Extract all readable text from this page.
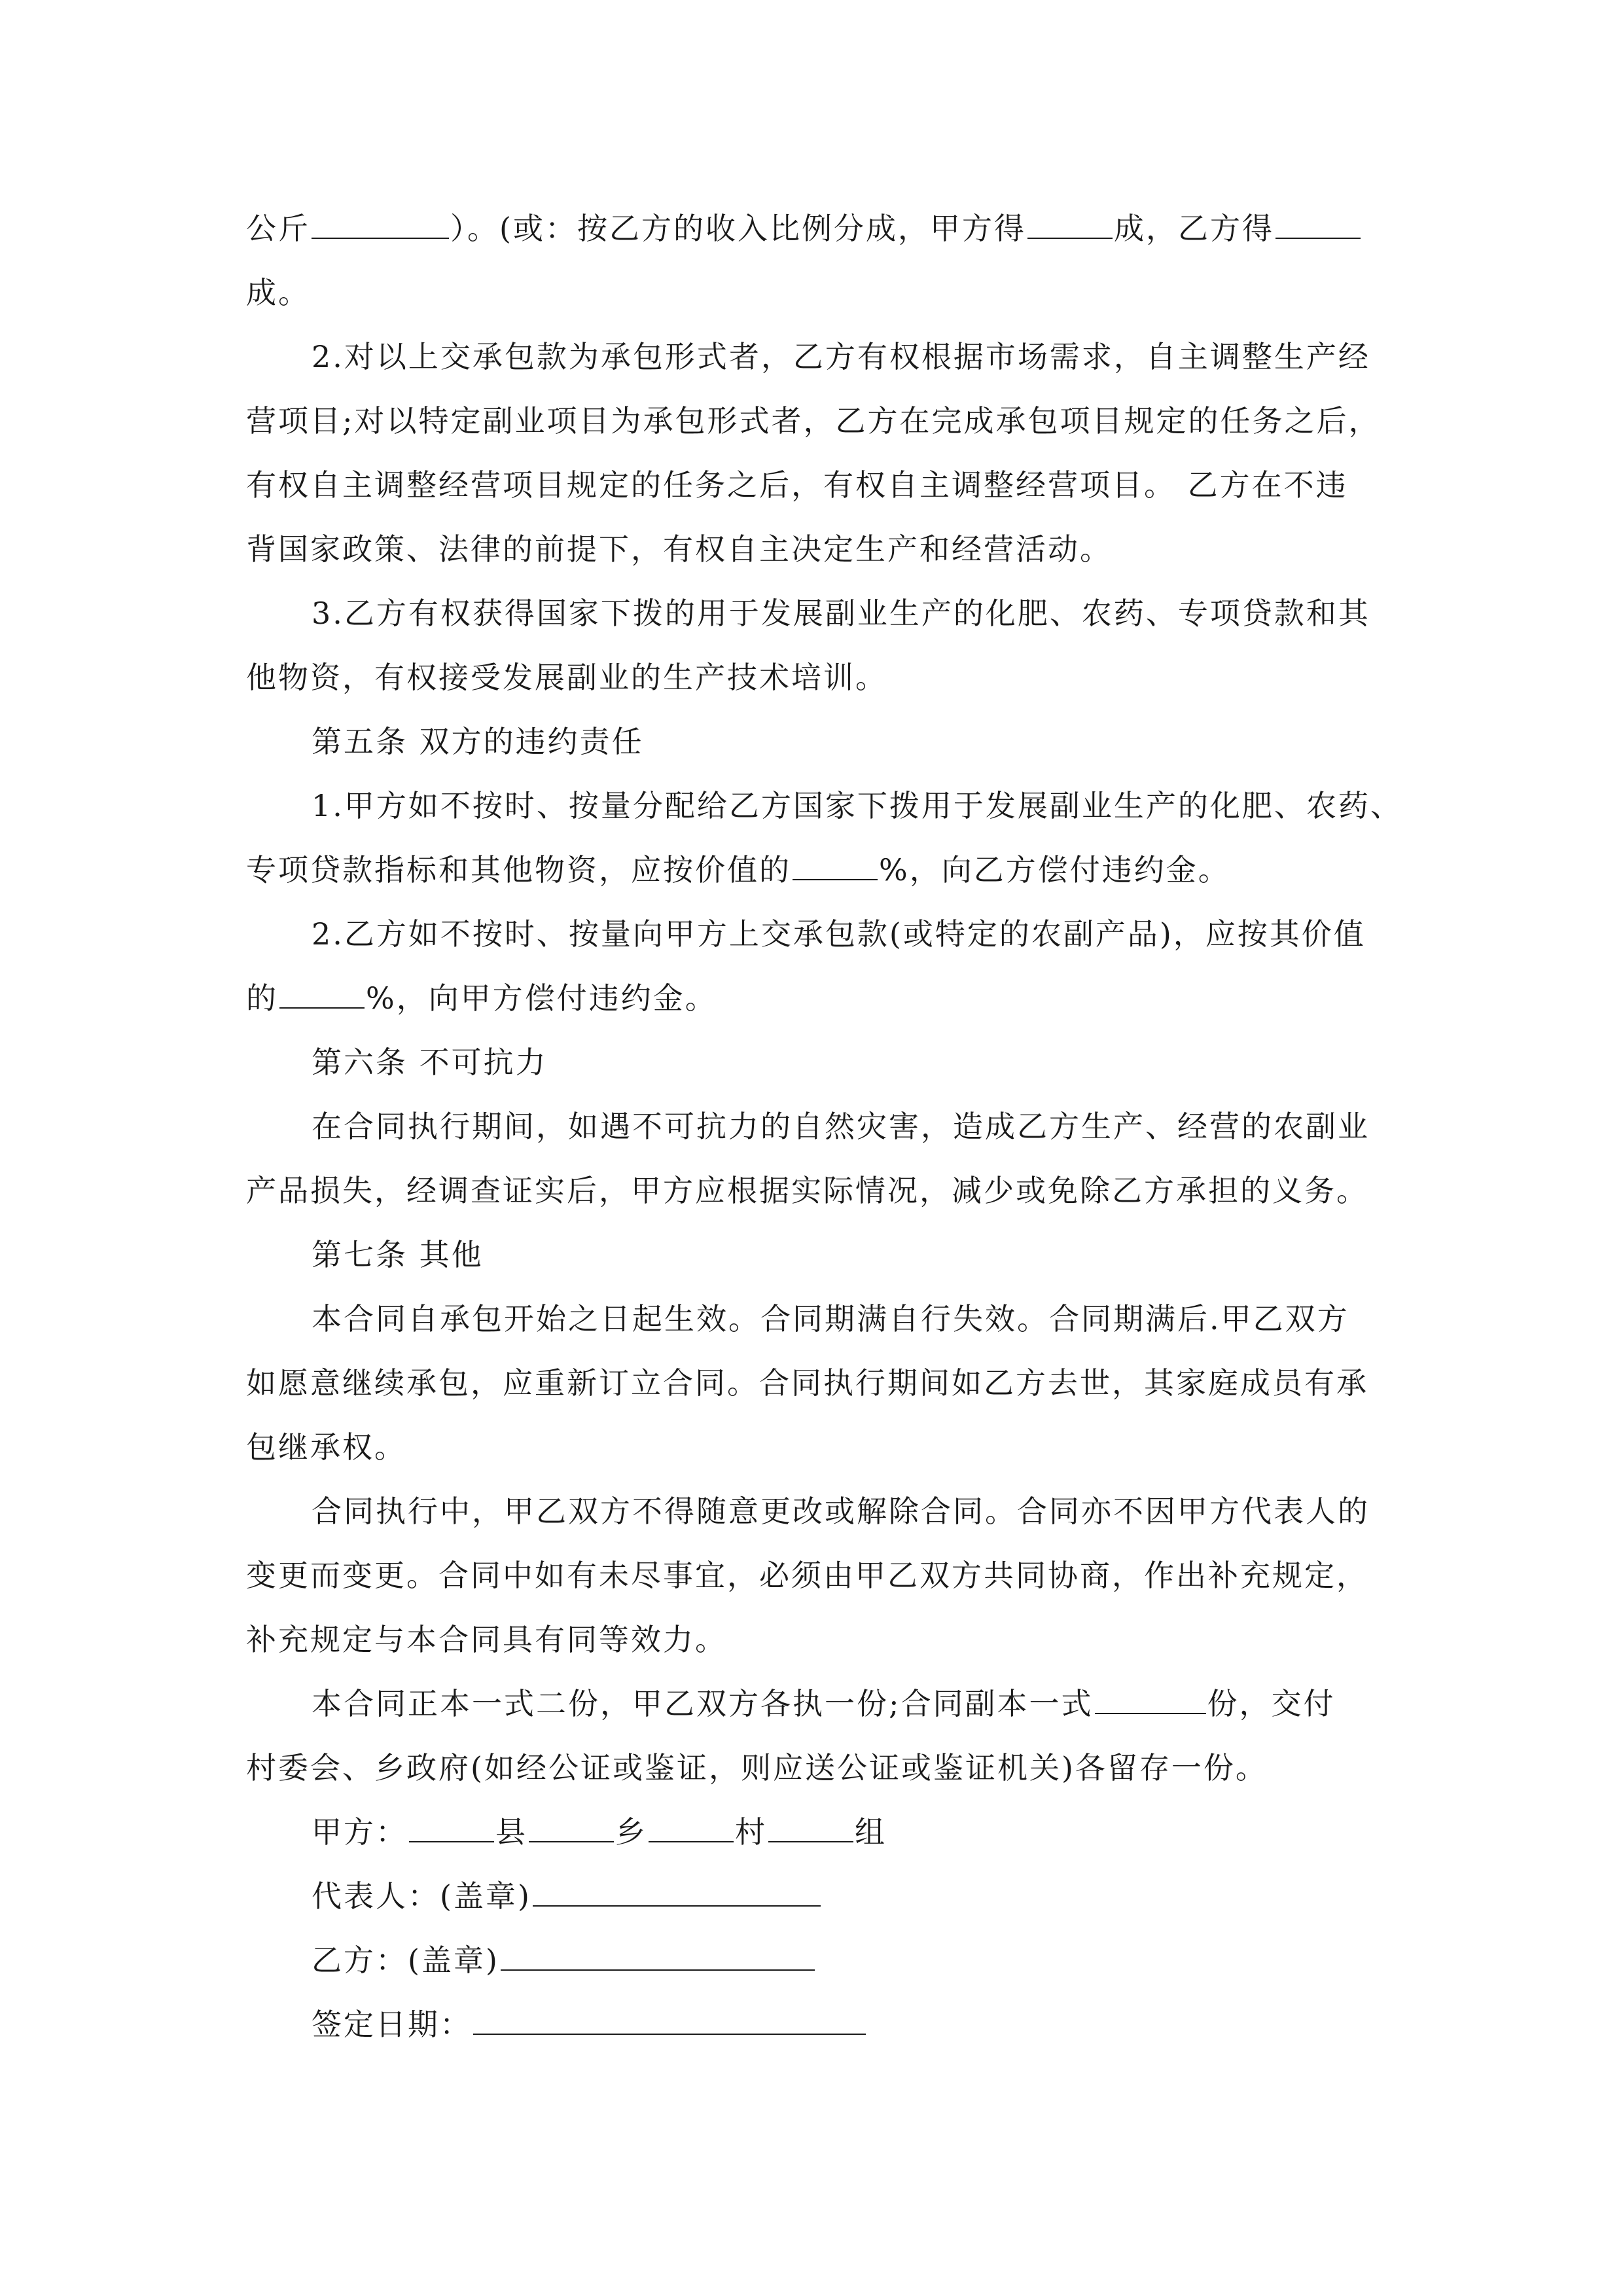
公斤	）。(或：按乙方的收入比例分成，甲方得	成，乙方得
成。
2.对以上交承包款为承包形式者，乙方有权根据市场需求，自主调整生产经
营项目;对以特定副业项目为承包形式者，乙方在完成承包项目规定的任务之后，
有权自主调整经营项目规定的任务之后，有权自主调整经营项目。 乙方在不违
背国家政策、法律的前提下，有权自主决定生产和经营活动。
3.乙方有权获得国家下拨的用于发展副业生产的化肥、农药、专项贷款和其
他物资，有权接受发展副业的生产技术培训。
第五条 双方的违约责任
1.甲方如不按时、按量分配给乙方国家下拨用于发展副业生产的化肥、农药、
专项贷款指标和其他物资，应按价值的	%，向乙方偿付违约金。
2.乙方如不按时、按量向甲方上交承包款(或特定的农副产品)，应按其价值
的	%，向甲方偿付违约金。
第六条 不可抗力
在合同执行期间，如遇不可抗力的自然灾害，造成乙方生产、经营的农副业
产品损失，经调查证实后，甲方应根据实际情况，减少或免除乙方承担的义务。
第七条 其他
本合同自承包开始之日起生效。合同期满自行失效。合同期满后.甲乙双方
如愿意继续承包，应重新订立合同。合同执行期间如乙方去世，其家庭成员有承
包继承权。
合同执行中，甲乙双方不得随意更改或解除合同。合同亦不因甲方代表人的
变更而变更。合同中如有未尽事宜，必须由甲乙双方共同协商，作出补充规定，
补充规定与本合同具有同等效力。
本合同正本一式二份，甲乙双方各执一份;合同副本一式	份，交付
村委会、乡政府(如经公证或鉴证，则应送公证或鉴证机关)各留存一份。
甲方：	县	乡	村	组
代表人：(盖章)
乙方：(盖章)
签定日期：
